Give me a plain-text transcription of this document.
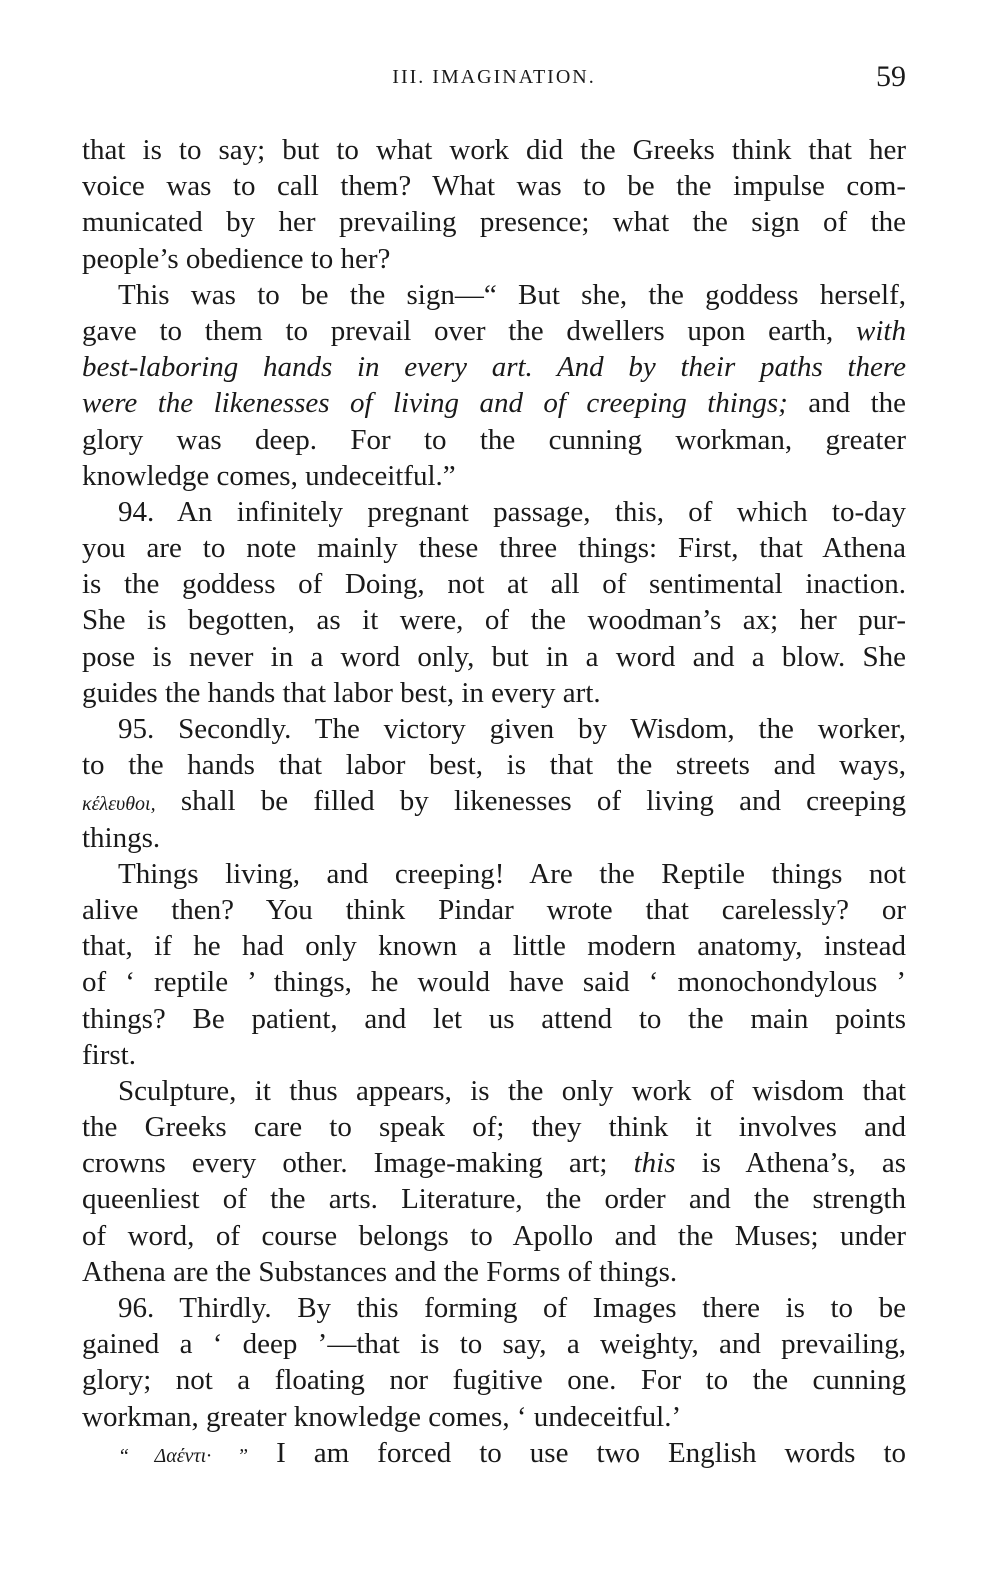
III. IMAGINATION.	59
that is to say; but to what work did the Greeks think that her
voice was to call them? What was to be the impulse com-
municated by her prevailing presence; what the sign of the
people’s obedience to her?
This was to be the sign—“ But she, the goddess herself,
gave to them to prevail over the dwellers upon earth, with
best-laboring hands in every art. And by their paths there
were the likenesses of living and of creeping things; and the
glory was deep. For to the cunning workman, greater
knowledge comes, undeceitful.”
94. An infinitely pregnant passage, this, of which to-day
you are to note mainly these three things: First, that Athena
is the goddess of Doing, not at all of sentimental inaction.
She is begotten, as it were, of the woodman’s ax; her pur-
pose is never in a word only, but in a word and a blow. She
guides the hands that labor best, in every art.
95. Secondly. The victory given by Wisdom, the worker,
to the hands that labor best, is that the streets and ways,
κέλευθοι, shall be filled by likenesses of living and creeping
things.
Things living, and creeping! Are the Reptile things not
alive then? You think Pindar wrote that carelessly? or
that, if he had only known a little modern anatomy, instead
of ‘ reptile ’ things, he would have said ‘ monochondylous ’
things? Be patient, and let us attend to the main points
first.
Sculpture, it thus appears, is the only work of wisdom that
the Greeks care to speak of; they think it involves and
crowns every other. Image-making art; this is Athena’s, as
queenliest of the arts. Literature, the order and the strength
of word, of course belongs to Apollo and the Muses; under
Athena are the Substances and the Forms of things.
96. Thirdly. By this forming of Images there is to be
gained a ‘ deep ’—that is to say, a weighty, and prevailing,
glory; not a floating nor fugitive one. For to the cunning
workman, greater knowledge comes, ‘ undeceitful.’
“ Δαέντι· ” I am forced to use two English words to
